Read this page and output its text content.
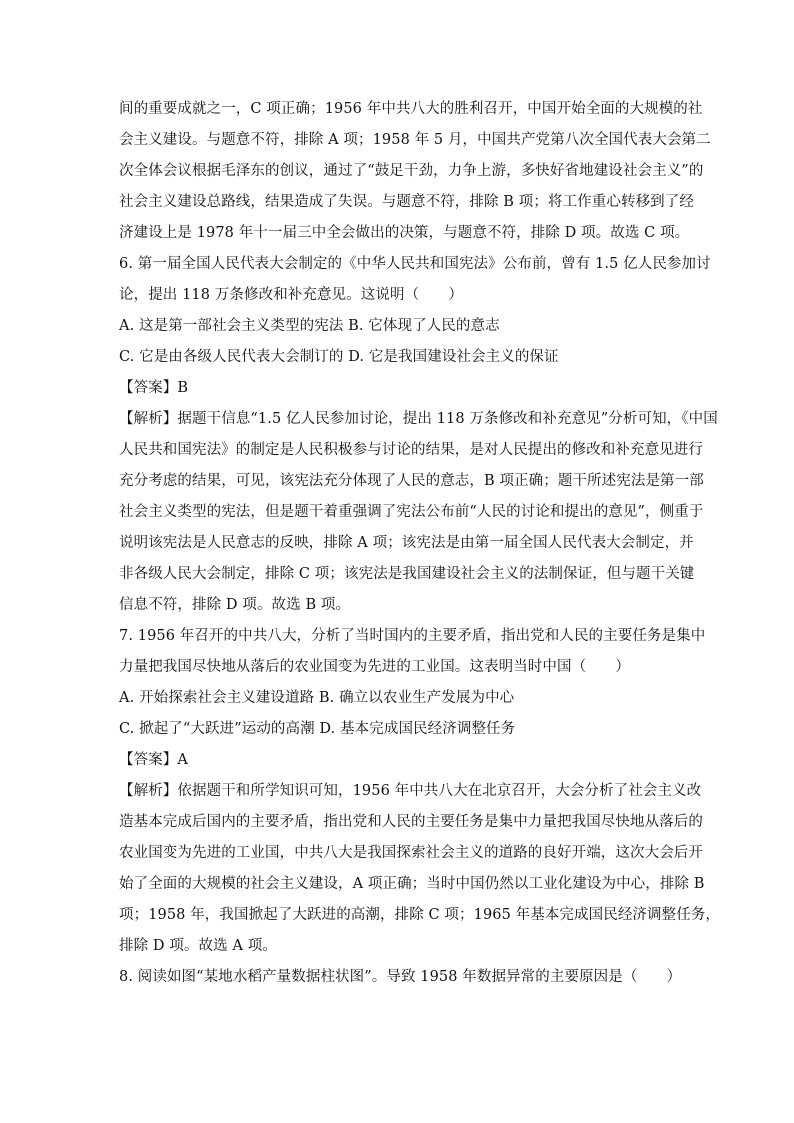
间的重要成就之一，C 项正确；1956 年中共八大的胜利召开，中国开始全面的大规模的社
会主义建设。与题意不符，排除 A 项；1958 年 5 月，中国共产党第八次全国代表大会第二
次全体会议根据毛泽东的创议，通过了“鼓足干劲，力争上游，多快好省地建设社会主义”的
社会主义建设总路线，结果造成了失误。与题意不符，排除 B 项；将工作重心转移到了经
济建设上是 1978 年十一届三中全会做出的决策，与题意不符，排除 D 项。故选 C 项。
6. 第一届全国人民代表大会制定的《中华人民共和国宪法》公布前，曾有 1.5 亿人民参加讨
论，提出 118 万条修改和补充意见。这说明（　　）
A. 这是第一部社会主义类型的宪法 B. 它体现了人民的意志
C. 它是由各级人民代表大会制订的 D. 它是我国建设社会主义的保证
【答案】B
【解析】据题干信息“1.5 亿人民参加讨论，提出 118 万条修改和补充意见”分析可知，《中国
人民共和国宪法》的制定是人民积极参与讨论的结果，是对人民提出的修改和补充意见进行
充分考虑的结果，可见，该宪法充分体现了人民的意志，B 项正确；题干所述宪法是第一部
社会主义类型的宪法，但是题干着重强调了宪法公布前“人民的讨论和提出的意见”，侧重于
说明该宪法是人民意志的反映，排除 A 项；该宪法是由第一届全国人民代表大会制定，并
非各级人民大会制定，排除 C 项；该宪法是我国建设社会主义的法制保证，但与题干关键
信息不符，排除 D 项。故选 B 项。
7. 1956 年召开的中共八大，分析了当时国内的主要矛盾，指出党和人民的主要任务是集中
力量把我国尽快地从落后的农业国变为先进的工业国。这表明当时中国（　　）
A. 开始探索社会主义建设道路 B. 确立以农业生产发展为中心
C. 掀起了“大跃进”运动的高潮 D. 基本完成国民经济调整任务
【答案】A
【解析】依据题干和所学知识可知，1956 年中共八大在北京召开，大会分析了社会主义改
造基本完成后国内的主要矛盾，指出党和人民的主要任务是集中力量把我国尽快地从落后的
农业国变为先进的工业国，中共八大是我国探索社会主义的道路的良好开端，这次大会后开
始了全面的大规模的社会主义建设，A 项正确；当时中国仍然以工业化建设为中心，排除 B
项；1958 年，我国掀起了大跃进的高潮，排除 C 项；1965 年基本完成国民经济调整任务，
排除 D 项。故选 A 项。
8. 阅读如图“某地水稻产量数据柱状图”。导致 1958 年数据异常的主要原因是（　　）
